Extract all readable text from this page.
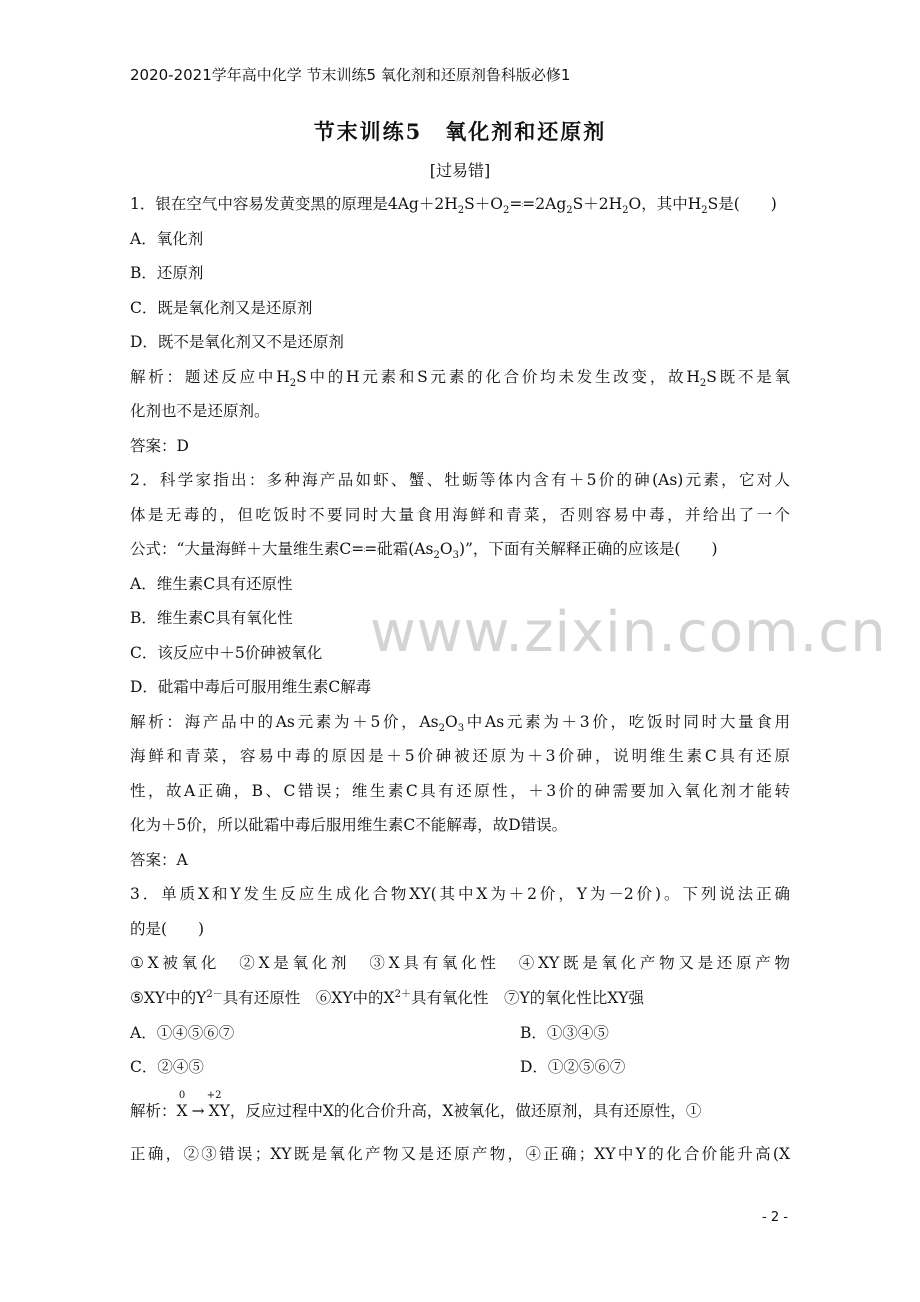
2020-2021学年高中化学 节末训练5 氧化剂和还原剂鲁科版必修1
节末训练5　氧化剂和还原剂
[过易错]
1．银在空气中容易发黄变黑的原理是$4Ag+2H_2S+O_2==2Ag_2S+2H_2O$，其中$H_2S$是(　　)
A．氧化剂
B．还原剂
C．既是氧化剂又是还原剂
D．既不是氧化剂又不是还原剂
解析：题述反应中$H_2S$中的H元素和S元素的化合价均未发生改变，故$H_2S$既不是氧
化剂也不是还原剂。
答案：D
2．科学家指出：多种海产品如虾、蟹、牡蛎等体内含有＋5价的砷(As)元素，它对人
体是无毒的，但吃饭时不要同时大量食用海鲜和青菜，否则容易中毒，并给出了一个
公式：“大量海鲜＋大量维生素C==砒霜$(As_2O_3)$”，下面有关解释正确的应该是(　　)
A．维生素C具有还原性
B．维生素C具有氧化性
C．该反应中＋5价砷被氧化
D．砒霜中毒后可服用维生素C解毒
解析：海产品中的As元素为＋5价，$As_2O_3$中As元素为＋3价，吃饭时同时大量食用
海鲜和青菜，容易中毒的原因是＋5价砷被还原为＋3价砷，说明维生素C具有还原
性，故A正确，B、C错误；维生素C具有还原性，＋3价的砷需要加入氧化剂才能转
化为＋5价，所以砒霜中毒后服用维生素C不能解毒，故D错误。
答案：A
3．单质X和Y发生反应生成化合物XY(其中X为＋2价，Y为－2价)。下列说法正确
的是(　　)
①X被氧化　②X是氧化剂　③X具有氧化性　④XY既是氧化产物又是还原产物
⑤XY中的$Y^{2-}$具有还原性　⑥XY中的$X^{2+}$具有氧化性　⑦Y的氧化性比XY强
A．①④⑤⑥⑦	B．①③④⑤
C．②④⑤	D．①②⑤⑥⑦
解析：X
0
→ X
+2
Y，反应过程中X的化合价升高，X被氧化，做还原剂，具有还原性，①
正确，②③错误；XY既是氧化产物又是还原产物，④正确；XY中Y的化合价能升高(X
www.zixin.com.cn
- 2 -
